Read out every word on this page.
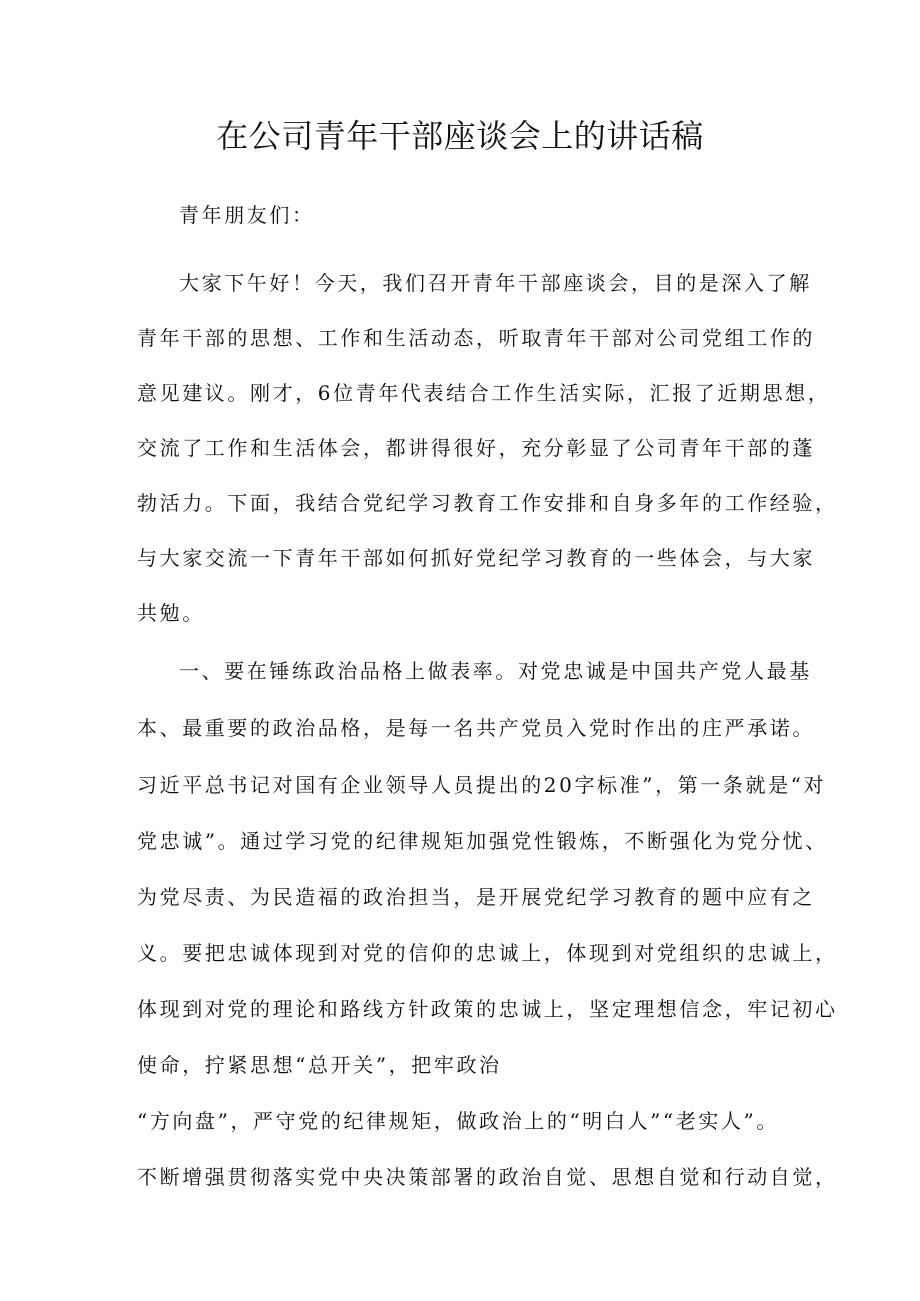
在公司青年干部座谈会上的讲话稿
青年朋友们：
大家下午好！今天，我们召开青年干部座谈会，目的是深入了解
青年干部的思想、工作和生活动态，听取青年干部对公司党组工作的
意见建议。刚才，6位青年代表结合工作生活实际，汇报了近期思想，
交流了工作和生活体会，都讲得很好，充分彰显了公司青年干部的蓬
勃活力。下面，我结合党纪学习教育工作安排和自身多年的工作经验，
与大家交流一下青年干部如何抓好党纪学习教育的一些体会，与大家
共勉。
一、要在锤练政治品格上做表率。对党忠诚是中国共产党人最基
本、最重要的政治品格，是每一名共产党员入党时作出的庄严承诺。
习近平总书记对国有企业领导人员提出的20字标准”，第一条就是“对
党忠诚”。通过学习党的纪律规矩加强党性锻炼，不断强化为党分忧、
为党尽责、为民造福的政治担当，是开展党纪学习教育的题中应有之
义。要把忠诚体现到对党的信仰的忠诚上，体现到对党组织的忠诚上，
体现到对党的理论和路线方针政策的忠诚上，坚定理想信念，牢记初心
使命，拧紧思想“总开关”，把牢政治
“方向盘”，严守党的纪律规矩，做政治上的“明白人”“老实人”。
不断增强贯彻落实党中央决策部署的政治自觉、思想自觉和行动自觉，
